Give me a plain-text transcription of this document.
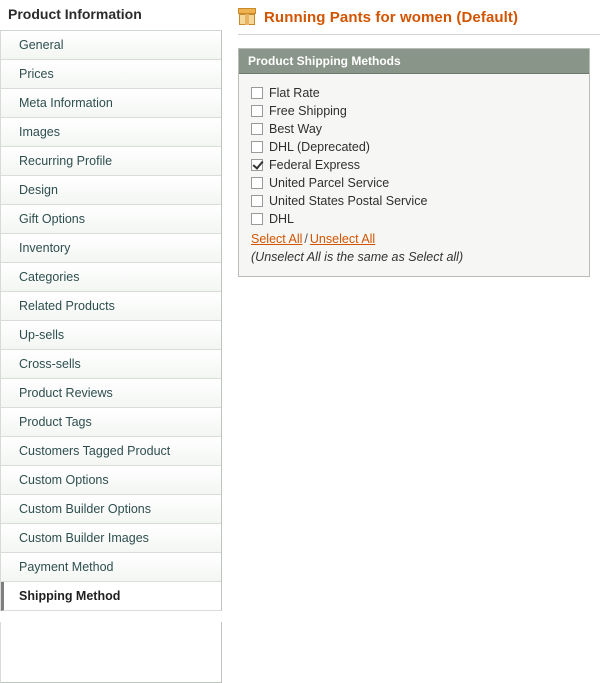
Product Information
General
Prices
Meta Information
Images
Recurring Profile
Design
Gift Options
Inventory
Categories
Related Products
Up-sells
Cross-sells
Product Reviews
Product Tags
Customers Tagged Product
Custom Options
Custom Builder Options
Custom Builder Images
Payment Method
Shipping Method
Running Pants for women (Default)
Product Shipping Methods
Flat Rate
Free Shipping
Best Way
DHL (Deprecated)
Federal Express
United Parcel Service
United States Postal Service
DHL
Select All / Unselect All
(Unselect All is the same as Select all)
